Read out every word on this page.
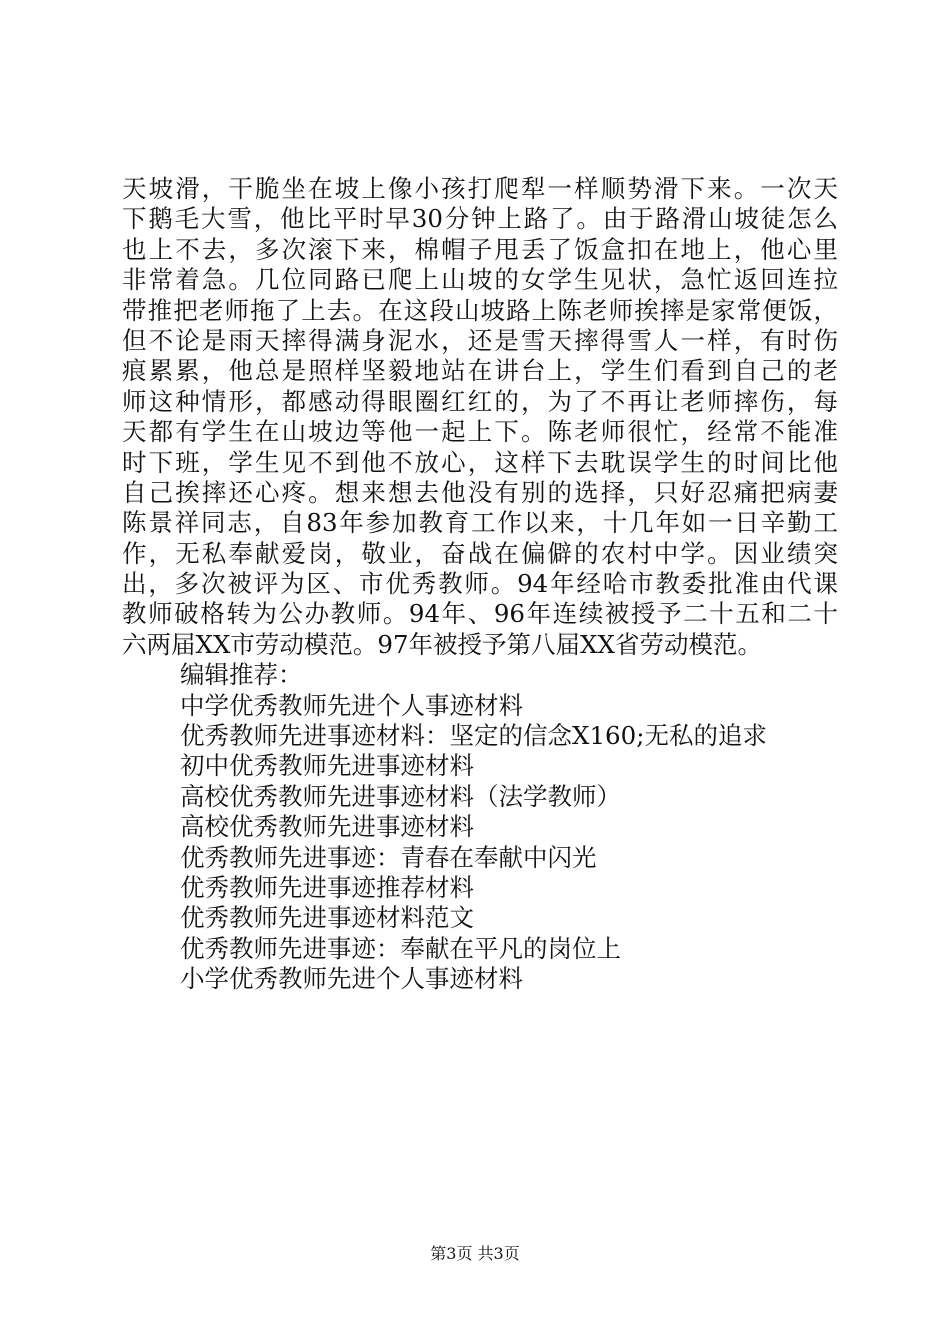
天坡滑，干脆坐在坡上像小孩打爬犁一样顺势滑下来。一次天
下鹅毛大雪，他比平时早30分钟上路了。由于路滑山坡徒怎么
也上不去，多次滚下来，棉帽子甩丢了饭盒扣在地上，他心里
非常着急。几位同路已爬上山坡的女学生见状，急忙返回连拉
带推把老师拖了上去。在这段山坡路上陈老师挨摔是家常便饭，
但不论是雨天摔得满身泥水，还是雪天摔得雪人一样，有时伤
痕累累，他总是照样坚毅地站在讲台上，学生们看到自己的老
师这种情形，都感动得眼圈红红的，为了不再让老师摔伤，每
天都有学生在山坡边等他一起上下。陈老师很忙，经常不能准
时下班，学生见不到他不放心，这样下去耽误学生的时间比他
自己挨摔还心疼。想来想去他没有别的选择，只好忍痛把病妻
陈景祥同志，自83年参加教育工作以来，十几年如一日辛勤工
作，无私奉献爱岗，敬业，奋战在偏僻的农村中学。因业绩突
出，多次被评为区、市优秀教师。94年经哈市教委批准由代课
教师破格转为公办教师。94年、96年连续被授予二十五和二十
六两届XX市劳动模范。97年被授予第八届XX省劳动模范。
编辑推荐：
中学优秀教师先进个人事迹材料
优秀教师先进事迹材料：坚定的信念X160;无私的追求
初中优秀教师先进事迹材料
高校优秀教师先进事迹材料（法学教师）
高校优秀教师先进事迹材料
优秀教师先进事迹：青春在奉献中闪光
优秀教师先进事迹推荐材料
优秀教师先进事迹材料范文
优秀教师先进事迹：奉献在平凡的岗位上
小学优秀教师先进个人事迹材料
第3页 共3页
